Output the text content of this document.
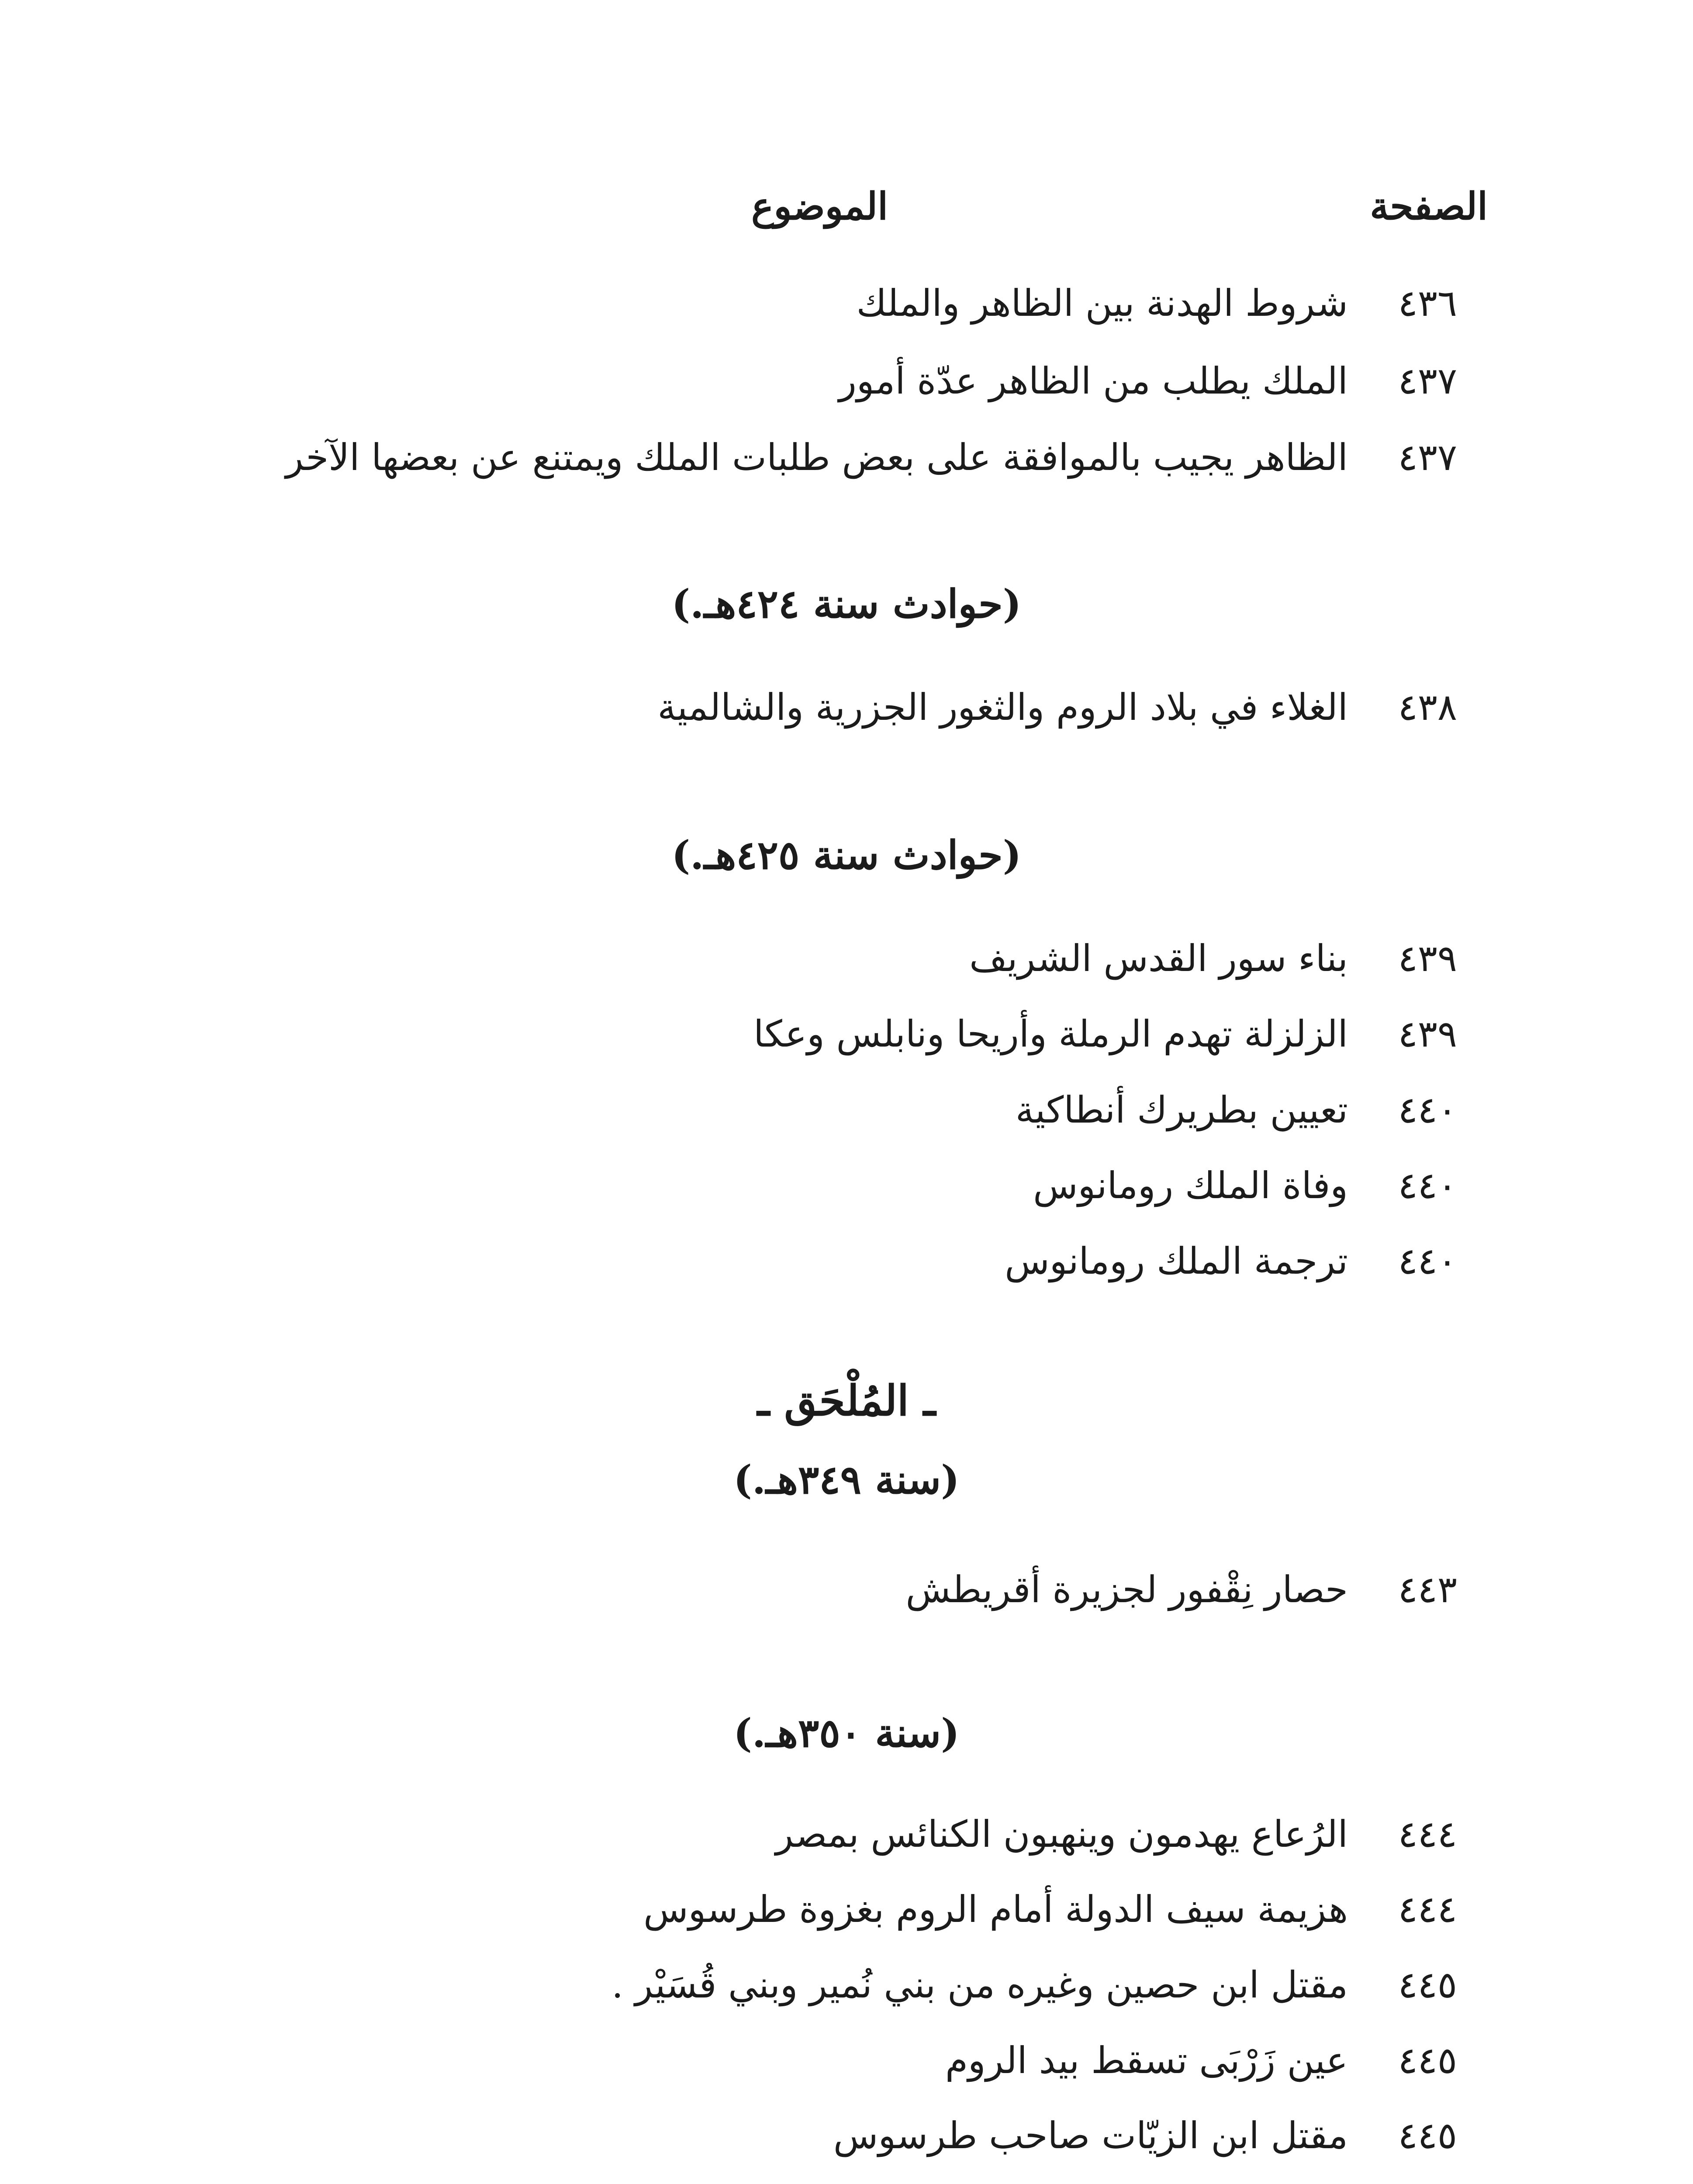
الصفحة
الموضوع
٤٣٦
شروط الهدنة بين الظاهر والملك
٤٣٧
الملك يطلب من الظاهر عدّة أمور
٤٣٧
الظاهر يجيب بالموافقة على بعض طلبات الملك ويمتنع عن بعضها الآخر
(حوادث سنة ٤٢٤هـ.)
٤٣٨
الغلاء في بلاد الروم والثغور الجزرية والشالمية
(حوادث سنة ٤٢٥هـ.)
٤٣٩
بناء سور القدس الشريف
٤٣٩
الزلزلة تهدم الرملة وأريحا ونابلس وعكا
٤٤٠
تعيين بطريرك أنطاكية
٤٤٠
وفاة الملك رومانوس
٤٤٠
ترجمة الملك رومانوس
ـ المُلْحَق ـ
(سنة ٣٤٩هـ.)
٤٤٣
حصار نِقْفور لجزيرة أقريطش
(سنة ٣٥٠هـ.)
٤٤٤
الرُعاع يهدمون وينهبون الكنائس بمصر
٤٤٤
هزيمة سيف الدولة أمام الروم بغزوة طرسوس
٤٤٥
مقتل ابن حصين وغيره من بني نُمير وبني قُسَيْر .
٤٤٥
عين زَرْبَى تسقط بيد الروم
٤٤٥
مقتل ابن الزيّات صاحب طرسوس
